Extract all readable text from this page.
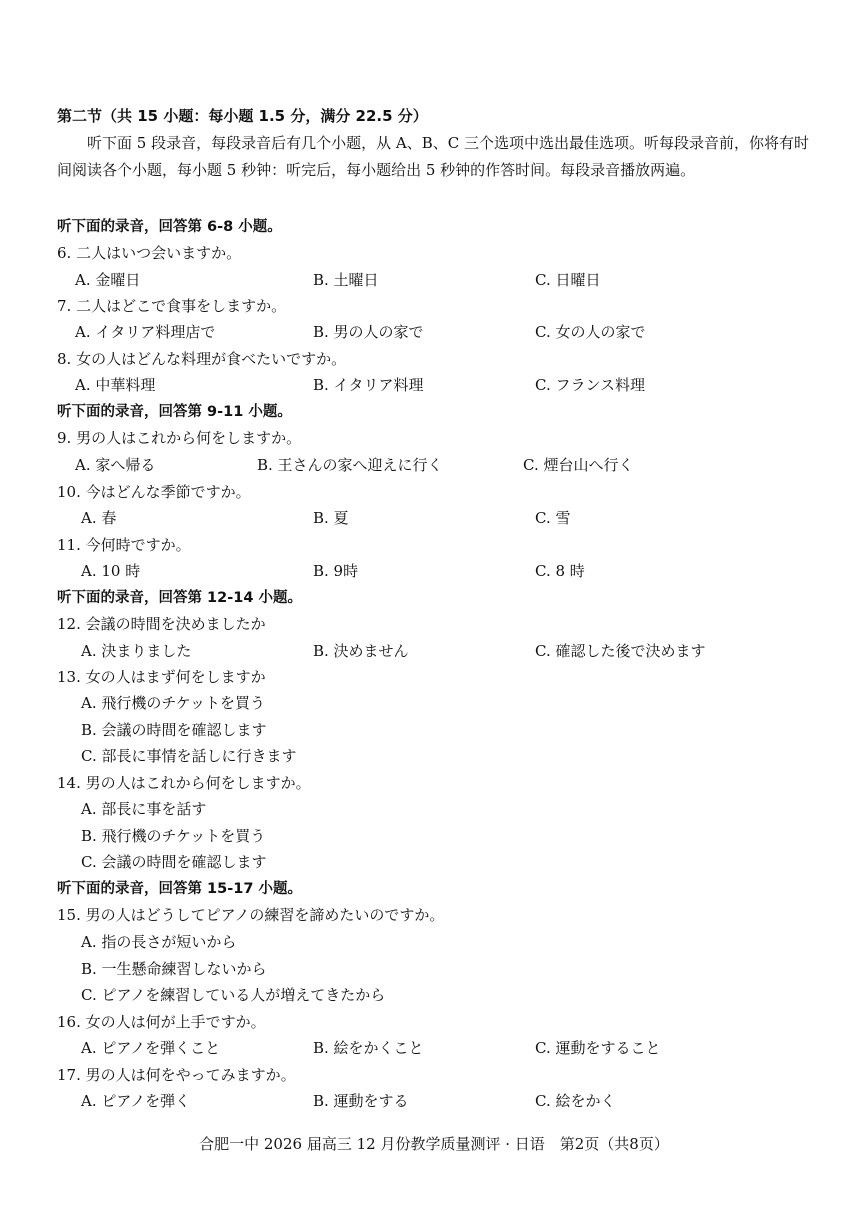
第二节（共 15 小题：每小题 1.5 分，满分 22.5 分）
听下面 5 段录音，每段录音后有几个小题，从 A、B、C 三个选项中选出最佳选项。听每段录音前，你将有时间阅读各个小题，每小题 5 秒钟：听完后，每小题给出 5 秒钟的作答时间。每段录音播放两遍。
听下面的录音，回答第 6-8 小题。
6. 二人はいつ会いますか。
A. 金曜日	B. 土曜日	C. 日曜日
7. 二人はどこで食事をしますか。
A. イタリア料理店で	B. 男の人の家で	C. 女の人の家で
8. 女の人はどんな料理が食べたいですか。
A. 中華料理	B. イタリア料理	C. フランス料理
听下面的录音，回答第 9-11 小题。
9. 男の人はこれから何をしますか。
A. 家へ帰る	B. 王さんの家へ迎えに行く	C. 煙台山へ行く
10. 今はどんな季節ですか。
A. 春	B. 夏	C. 雪
11. 今何時ですか。
A. 10 時	B. 9時	C. 8 時
听下面的录音，回答第 12-14 小题。
12. 会議の時間を決めましたか
A. 決まりました	B. 決めません	C. 確認した後で決めます
13. 女の人はまず何をしますか
A. 飛行機のチケットを買う
B. 会議の時間を確認します
C. 部長に事情を話しに行きます
14. 男の人はこれから何をしますか。
A. 部長に事を話す
B. 飛行機のチケットを買う
C. 会議の時間を確認します
听下面的录音，回答第 15-17 小题。
15. 男の人はどうしてピアノの練習を諦めたいのですか。
A. 指の長さが短いから
B. 一生懸命練習しないから
C. ピアノを練習している人が増えてきたから
16. 女の人は何が上手ですか。
A. ピアノを弾くこと	B. 絵をかくこと	C. 運動をすること
17. 男の人は何をやってみますか。
A. ピアノを弾く	B. 運動をする	C. 絵をかく
合肥一中 2026 届高三 12 月份教学质量测评 · 日语　第2页（共8页）
